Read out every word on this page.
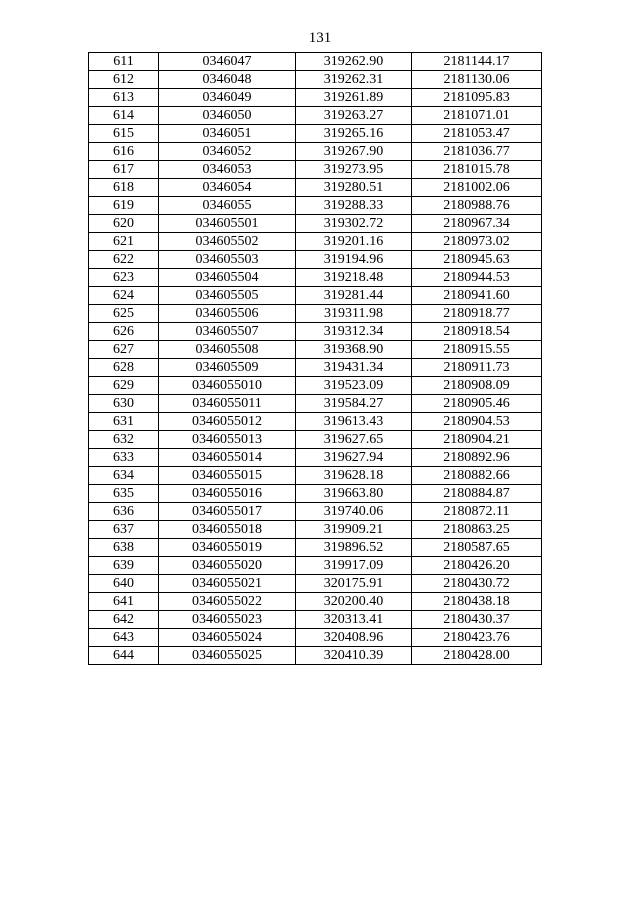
131
611	0346047	319262.90	2181144.17
612	0346048	319262.31	2181130.06
613	0346049	319261.89	2181095.83
614	0346050	319263.27	2181071.01
615	0346051	319265.16	2181053.47
616	0346052	319267.90	2181036.77
617	0346053	319273.95	2181015.78
618	0346054	319280.51	2181002.06
619	0346055	319288.33	2180988.76
620	034605501	319302.72	2180967.34
621	034605502	319201.16	2180973.02
622	034605503	319194.96	2180945.63
623	034605504	319218.48	2180944.53
624	034605505	319281.44	2180941.60
625	034605506	319311.98	2180918.77
626	034605507	319312.34	2180918.54
627	034605508	319368.90	2180915.55
628	034605509	319431.34	2180911.73
629	0346055010	319523.09	2180908.09
630	0346055011	319584.27	2180905.46
631	0346055012	319613.43	2180904.53
632	0346055013	319627.65	2180904.21
633	0346055014	319627.94	2180892.96
634	0346055015	319628.18	2180882.66
635	0346055016	319663.80	2180884.87
636	0346055017	319740.06	2180872.11
637	0346055018	319909.21	2180863.25
638	0346055019	319896.52	2180587.65
639	0346055020	319917.09	2180426.20
640	0346055021	320175.91	2180430.72
641	0346055022	320200.40	2180438.18
642	0346055023	320313.41	2180430.37
643	0346055024	320408.96	2180423.76
644	0346055025	320410.39	2180428.00
